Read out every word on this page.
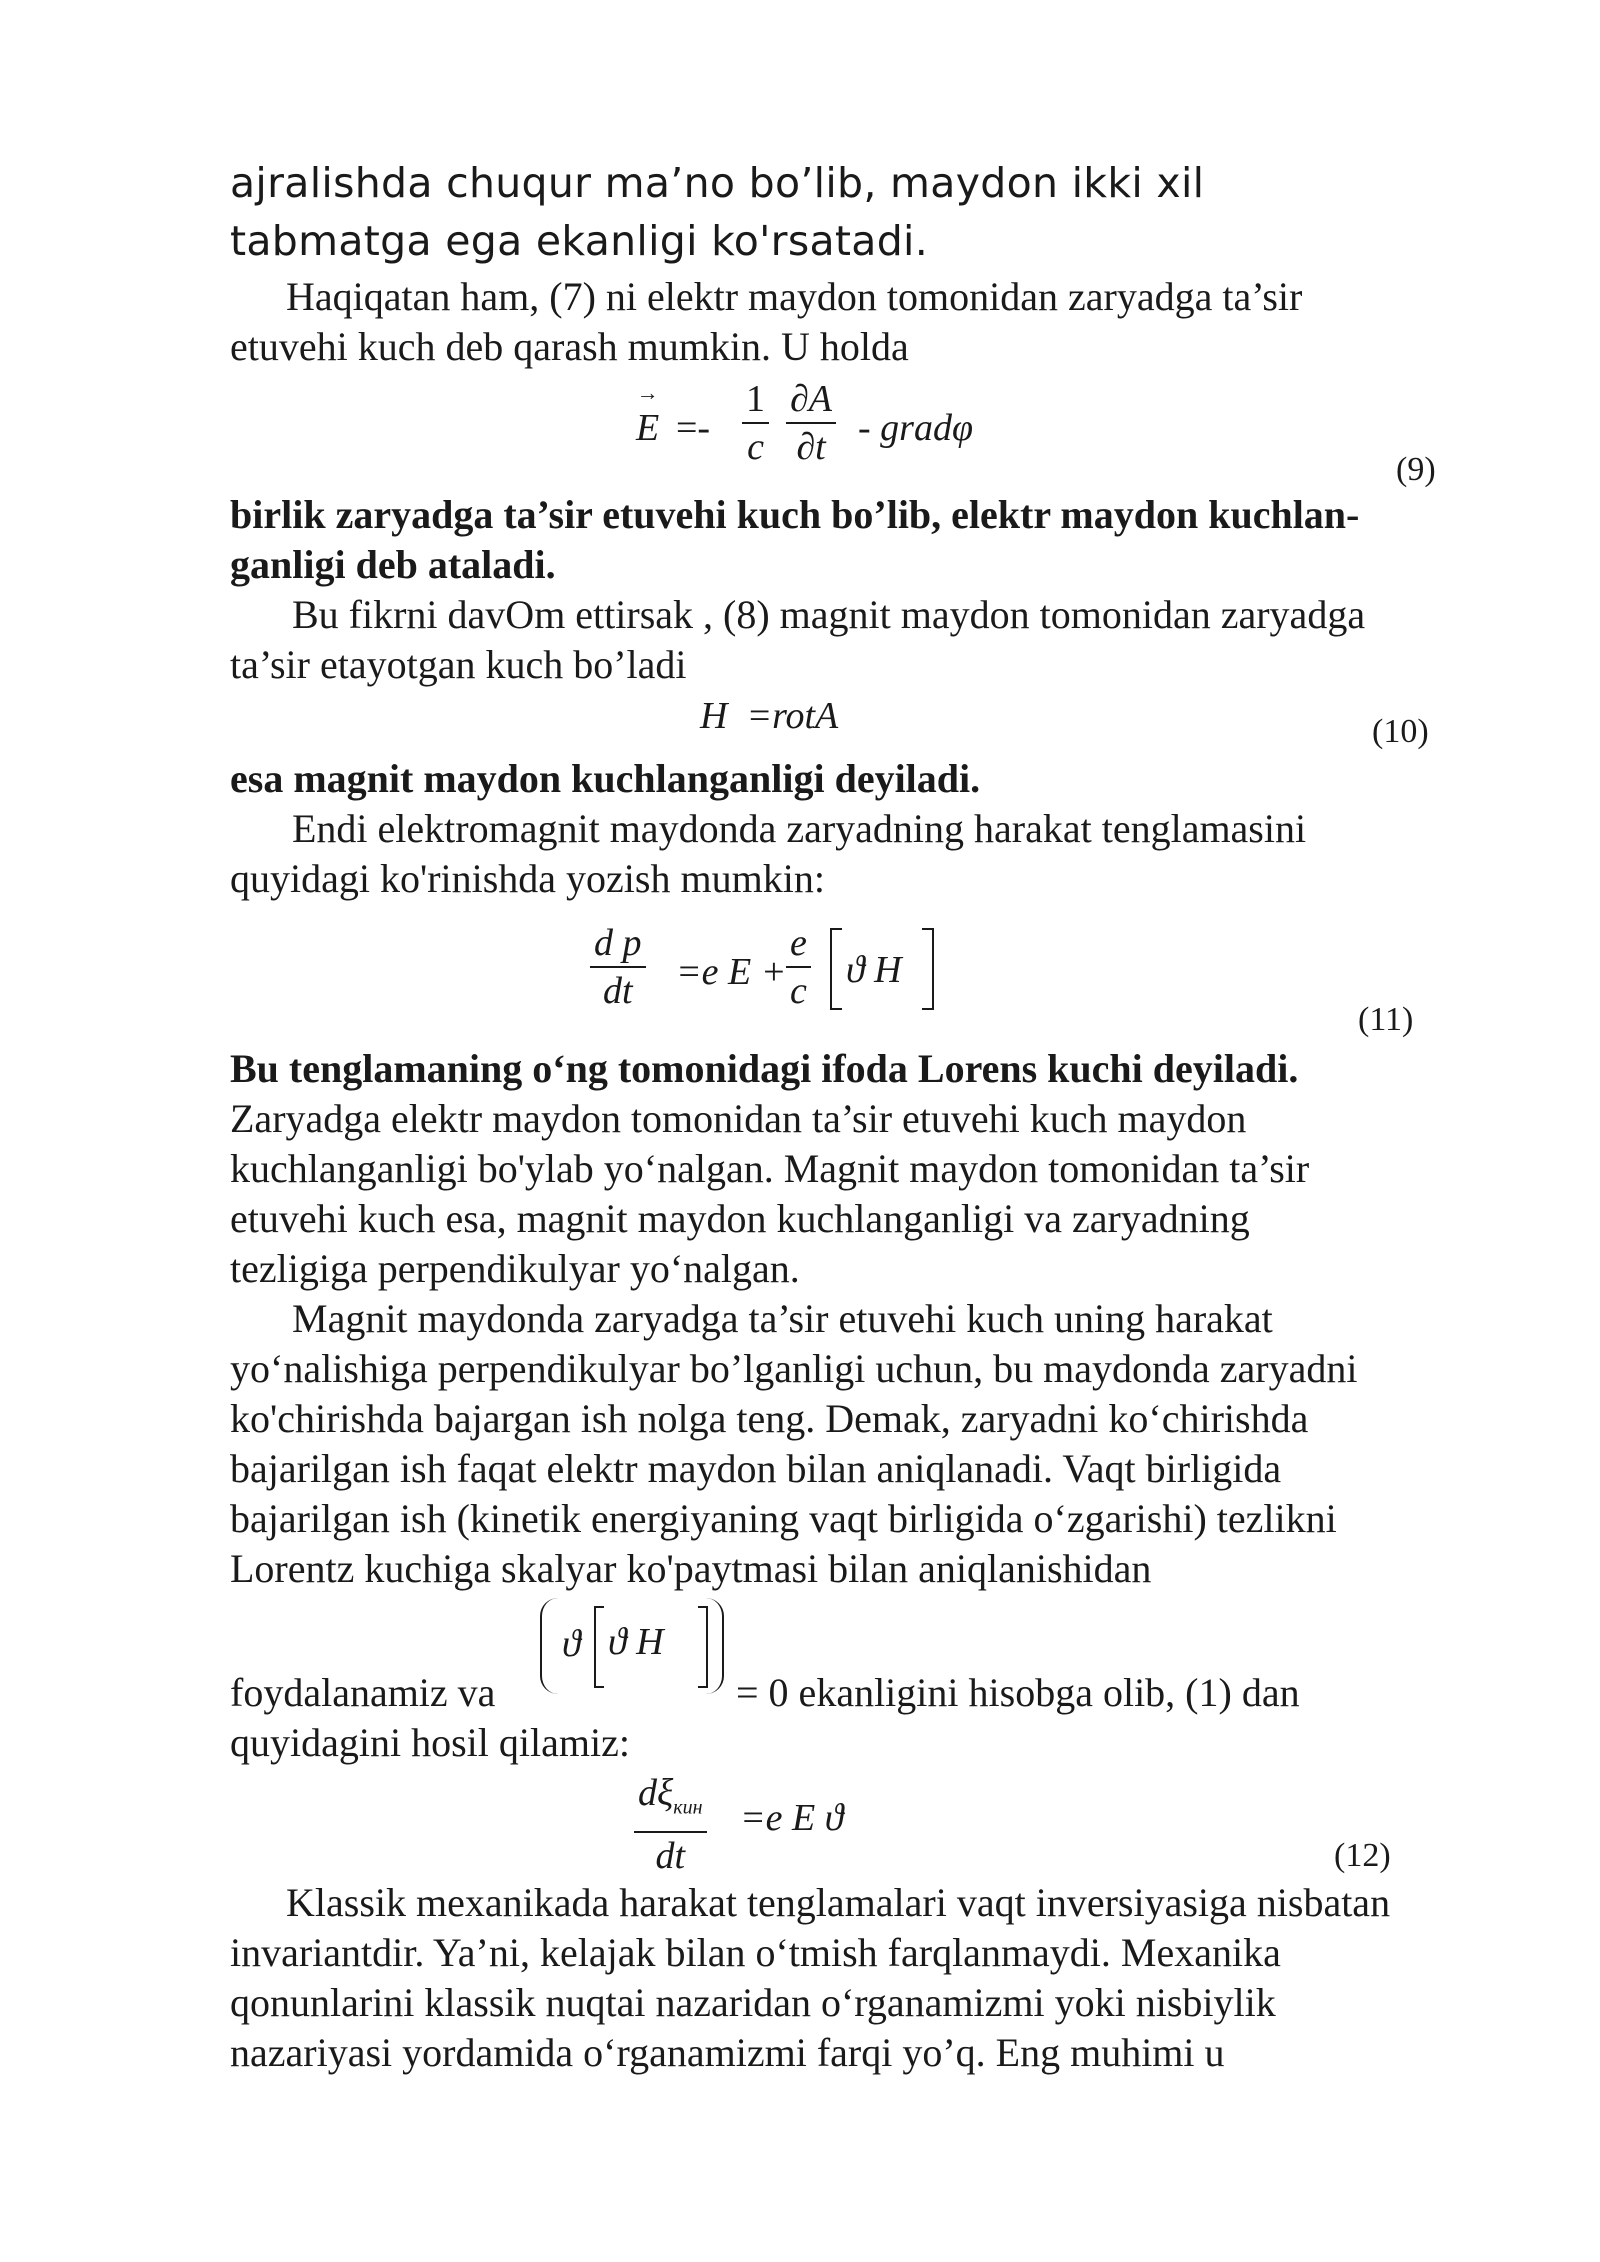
ajralishda chuqur ma’no bo’lib, maydon ikki xil
tabmatga ega ekanligi ko'rsatadi.
Haqiqatan ham, (7) ni elektr maydon tomonidan zaryadga ta’sir
etuvehi kuch deb qarash mumkin. U holda
→ $E =- \frac{1}{c} \frac{\partial A}{\partial t}$ - gradφ
(9)
birlik zaryadga ta’sir etuvehi kuch bo’lib, elektr maydon kuchlan-
ganligi deb ataladi.
Bu fikrni davOm ettirsak , (8) magnit maydon tomonidan zaryadga
ta’sir etayotgan kuch bo’ladi
H  =rotA	(10)
esa magnit maydon kuchlanganligi deyiladi.
Endi elektromagnit maydonda zaryadning harakat tenglamasini
quyidagi ko'rinishda yozish mumkin:
$\frac{\text{d p}}{dt} =e$ $E + \frac{e}{c}$ ϑ H
(11)
Bu tenglamaning o‘ng tomonidagi ifoda Lorens kuchi deyiladi.
Zaryadga elektr maydon tomonidan ta’sir etuvehi kuch maydon
kuchlanganligi bo'ylab yo‘nalgan. Magnit maydon tomonidan ta’sir
etuvehi kuch esa, magnit maydon kuchlanganligi va zaryadning
tezligiga perpendikulyar yo‘nalgan.
Magnit maydonda zaryadga ta’sir etuvehi kuch uning harakat
yo‘nalishiga perpendikulyar bo’lganligi uchun, bu maydonda zaryadni
ko'chirishda bajargan ish nolga teng. Demak, zaryadni ko‘chirishda
bajarilgan ish faqat elektr maydon bilan aniqlanadi. Vaqt birligida
bajarilgan ish (kinetik energiyaning vaqt birligida o‘zgarishi) tezlikni
Lorentz kuchiga skalyar ko'paytmasi bilan aniqlanishidan
ϑ ϑ H
foydalanamiz va	= 0 ekanligini hisobga olib, (1) dan
quyidagini hosil qilamiz:
$d\xi_{кин}$
dt
=e E ϑ
(12)
Klassik mexanikada harakat tenglamalari vaqt inversiyasiga nisbatan
invariantdir. Ya’ni, kelajak bilan o‘tmish farqlanmaydi. Mexanika
qonunlarini klassik nuqtai nazaridan o‘rganamizmi yoki nisbiylik
nazariyasi yordamida o‘rganamizmi farqi yo’q. Eng muhimi u
